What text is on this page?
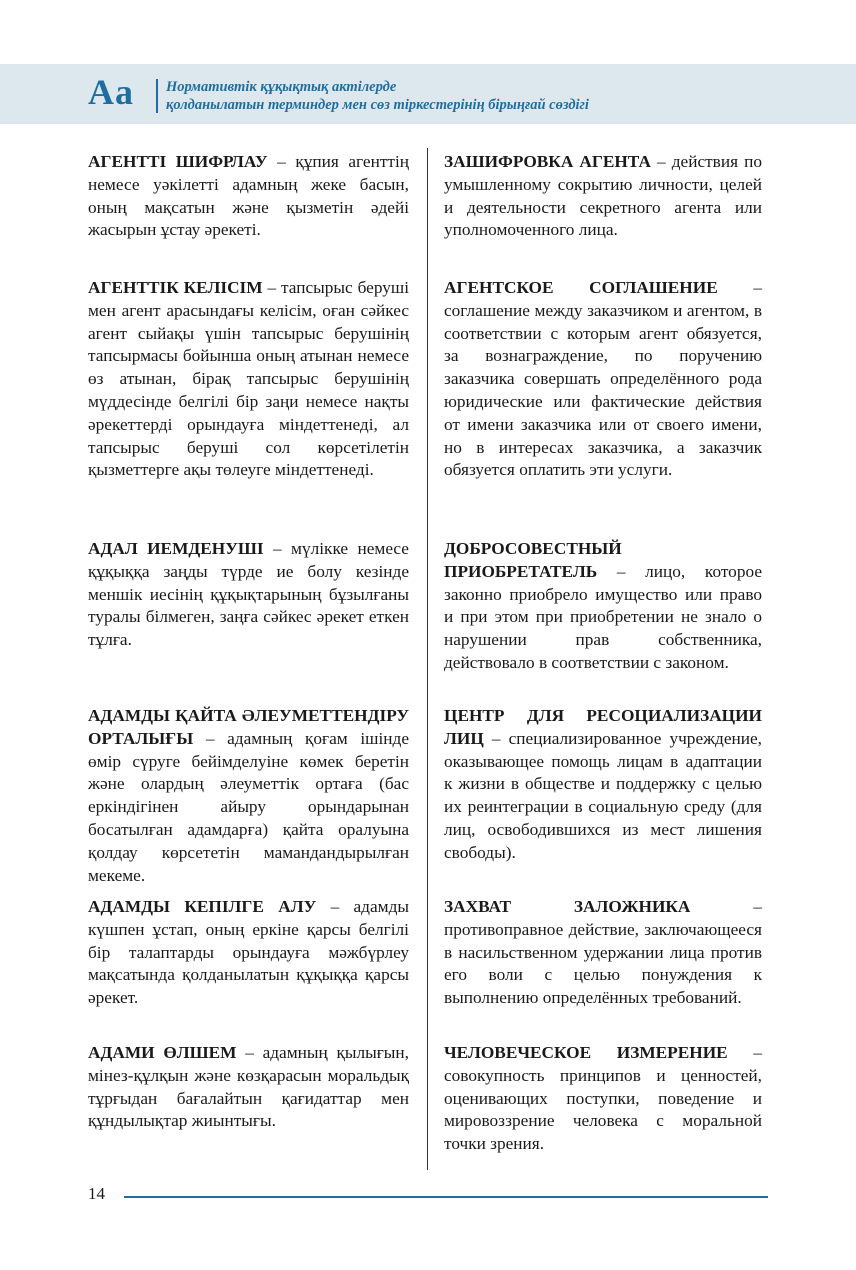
Aa Нормативтік құқықтық актілерде
қолданылатын терминдер мен сөз тіркестерінің бірыңғай сөздігі
АГЕНТТІ ШИФРЛАУ – құпия агенттің немесе уәкілетті адамның жеке басын, оның мақсатын және қызметін әдейі жасырын ұстау әрекеті.
ЗАШИФРОВКА АГЕНТА – действия по умышленному сокрытию личности, целей и деятельности секретного агента или уполномоченного лица.
АГЕНТТІК КЕЛІСІМ – тапсырыс беруші мен агент арасындағы келісім, оған сәйкес агент сыйақы үшін тапсырыс берушінің тапсырмасы бойынша оның атынан немесе өз атынан, бірақ тапсырыс берушінің мүддесінде белгілі бір заңи немесе нақты әрекеттерді орындауға міндеттенеді, ал тапсырыс беруші сол көрсетілетін қызметтерге ақы төлеуге міндеттенеді.
АГЕНТСКОЕ СОГЛАШЕНИЕ – соглашение между заказчиком и агентом, в соответствии с которым агент обязуется, за вознаграждение, по поручению заказчика совершать определённого рода юридические или фактические действия от имени заказчика или от своего имени, но в интересах заказчика, а заказчик обязуется оплатить эти услуги.
АДАЛ ИЕМДЕНУШІ – мүлікке немесе құқыққа заңды түрде ие болу кезінде меншік иесінің құқықтарының бұзылғаны туралы білмеген, заңға сәйкес әрекет еткен тұлға.
ДОБРОСОВЕСТНЫЙ ПРИОБРЕТАТЕЛЬ – лицо, которое законно приобрело имущество или право и при этом при приобретении не знало о нарушении прав собственника, действовало в соответствии с законом.
АДАМДЫ ҚАЙТА ӘЛЕУМЕТТЕНДІРУ ОРТАЛЫҒЫ – адамның қоғам ішінде өмір сүруге бейімделуіне көмек беретін және олардың әлеуметтік ортаға (бас еркіндігінен айыру орындарынан босатылған адамдарға) қайта оралуына қолдау көрсететін мамандандырылған мекеме.
ЦЕНТР ДЛЯ РЕСОЦИАЛИЗАЦИИ ЛИЦ – специализированное учреждение, оказывающее помощь лицам в адаптации к жизни в обществе и поддержку с целью их реинтеграции в социальную среду (для лиц, освободившихся из мест лишения свободы).
АДАМДЫ КЕПІЛГЕ АЛУ – адамды күшпен ұстап, оның еркіне қарсы белгілі бір талаптарды орындауға мәжбүрлеу мақсатында қолданылатын құқыққа қарсы әрекет.
ЗАХВАТ ЗАЛОЖНИКА – противоправное действие, заключающееся в насильственном удержании лица против его воли с целью понуждения к выполнению определённых требований.
АДАМИ ӨЛШЕМ – адамның қылығын, мінез-құлқын және көзқарасын моральдық тұрғыдан бағалайтын қағидаттар мен құндылықтар жиынтығы.
ЧЕЛОВЕЧЕСКОЕ ИЗМЕРЕНИЕ – совокупность принципов и ценностей, оценивающих поступки, поведение и мировоззрение человека с моральной точки зрения.
14
